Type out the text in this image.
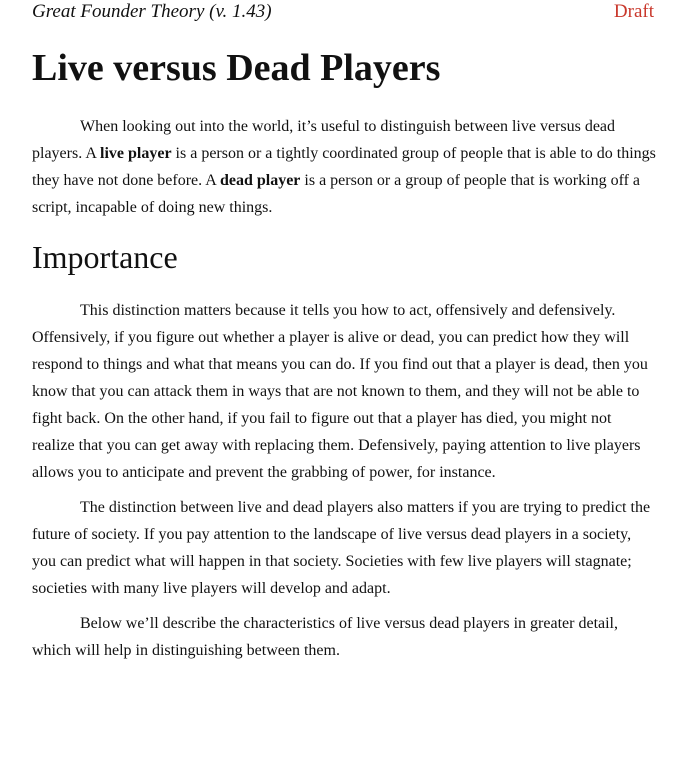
Great Founder Theory (v. 1.43)	Draft
Live versus Dead Players

When looking out into the world, it’s useful to distinguish between live versus dead players. A live player is a person or a tightly coordinated group of people that is able to do things they have not done before. A dead player is a person or a group of people that is working off a script, incapable of doing new things.

Importance

This distinction matters because it tells you how to act, offensively and defensively. Offensively, if you figure out whether a player is alive or dead, you can predict how they will respond to things and what that means you can do. If you find out that a player is dead, then you know that you can attack them in ways that are not known to them, and they will not be able to fight back. On the other hand, if you fail to figure out that a player has died, you might not realize that you can get away with replacing them. Defensively, paying attention to live players allows you to anticipate and prevent the grabbing of power, for instance.

The distinction between live and dead players also matters if you are trying to predict the future of society. If you pay attention to the landscape of live versus dead players in a society, you can predict what will happen in that society. Societies with few live players will stagnate; societies with many live players will develop and adapt.

Below we’ll describe the characteristics of live versus dead players in greater detail, which will help in distinguishing between them.
